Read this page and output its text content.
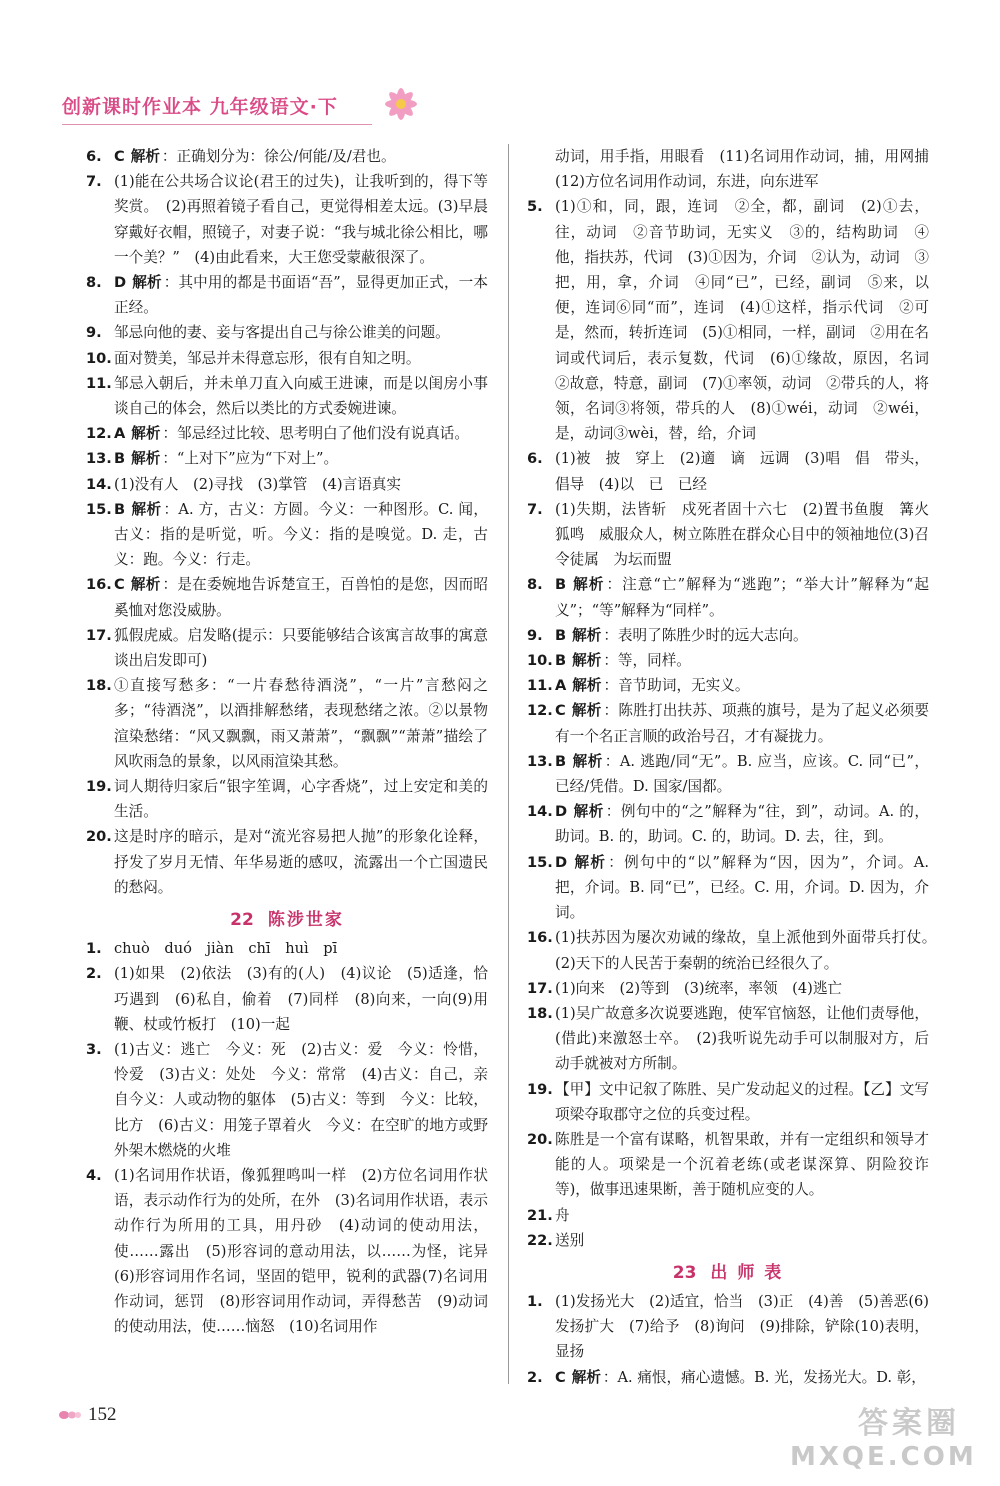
创新课时作业本 九年级语文·下
6. C 解析 ：正确划分为：徐公/何能/及/君也。
7. (1)能在公共场合议论(君王的过失)，让我听到的，得下等奖赏。　(2)再照着镜子看自己，更觉得相差太远。(3)早晨穿戴好衣帽，照镜子，对妻子说：“我与城北徐公相比，哪一个美？”　(4)由此看来，大王您受蒙蔽很深了。
8. D 解析 ：其中用的都是书面语“吾”，显得更加正式，一本正经。
9. 邹忌向他的妻、妾与客提出自己与徐公谁美的问题。
10. 面对赞美，邹忌并未得意忘形，很有自知之明。
11. 邹忌入朝后，并未单刀直入向威王进谏，而是以闺房小事谈自己的体会，然后以类比的方式委婉进谏。
12. A 解析 ：邹忌经过比较、思考明白了他们没有说真话。
13. B 解析 ：“上对下”应为“下对上”。
14. (1)没有人　(2)寻找　(3)掌管　(4)言语真实
15. B 解析 ：A. 方，古义：方圆。今义：一种图形。C. 闻，古义：指的是听觉，听。今义：指的是嗅觉。D. 走，古义：跑。今义：行走。
16. C 解析 ：是在委婉地告诉楚宣王，百兽怕的是您，因而昭奚恤对您没威胁。
17. 狐假虎威。启发略(提示：只要能够结合该寓言故事的寓意谈出启发即可)
18. ①直接写愁多：“一片春愁待酒浇”，“一片”言愁闷之多；“待酒浇”，以酒排解愁绪，表现愁绪之浓。②以景物渲染愁绪：“风又飘飘，雨又萧萧”，“飘飘”“萧萧”描绘了风吹雨急的景象，以风雨渲染其愁。
19. 词人期待归家后“银字笙调，心字香烧”，过上安定和美的生活。
20. 这是时序的暗示，是对“流光容易把人抛”的形象化诠释，抒发了岁月无情、年华易逝的感叹，流露出一个亡国遗民的愁闷。
22 陈涉世家
1. chuò　duó　jiàn　chī　huì　pī
2. (1)如果　(2)依法　(3)有的(人)　(4)议论　(5)适逢，恰巧遇到　(6)私自，偷着　(7)同样　(8)向来，一向(9)用鞭、杖或竹板打　(10)一起
3. (1)古义：逃亡　今义：死　(2)古义：爱　今义：怜惜，怜爱　(3)古义：处处　今义：常常　(4)古义：自己，亲自今义：人或动物的躯体　(5)古义：等到　今义：比较，比方　(6)古义：用笼子罩着火　今义：在空旷的地方或野外架木燃烧的火堆
4. (1)名词用作状语，像狐狸鸣叫一样　(2)方位名词用作状语，表示动作行为的处所，在外　(3)名词用作状语，表示动作行为所用的工具，用丹砂　(4)动词的使动用法，使……露出　(5)形容词的意动用法，以……为怪，诧异　(6)形容词用作名词，坚固的铠甲，锐利的武器(7)名词用作动词，惩罚　(8)形容词用作动词，弄得愁苦　(9)动词的使动用法，使……恼怒　(10)名词用作
动词，用手指，用眼看　(11)名词用作动词，捕，用网捕(12)方位名词用作动词，东进，向东进军
5. (1)①和，同，跟，连词　②全，都，副词　(2)①去，往，动词　②音节助词，无实义　③的，结构助词　④他，指扶苏，代词　(3)①因为，介词　②认为，动词　③把，用，拿，介词　④同“已”，已经，副词　⑤来，以便，连词⑥同“而”，连词　(4)①这样，指示代词　②可是，然而，转折连词　(5)①相同，一样，副词　②用在名词或代词后，表示复数，代词　(6)①缘故，原因，名词　②故意，特意，副词　(7)①率领，动词　②带兵的人，将领，名词③将领，带兵的人　(8)①wéi，动词　②wéi，是，动词③wèi，替，给，介词
6. (1)被　披　穿上　(2)適　谪　远调　(3)唱　倡　带头，倡导　(4)以　已　已经
7. (1)失期，法皆斩　戍死者固十六七　(2)置书鱼腹　篝火狐鸣　威服众人，树立陈胜在群众心目中的领袖地位(3)召令徒属　为坛而盟
8. B 解析 ：注意“亡”解释为“逃跑”；“举大计”解释为“起义”；“等”解释为“同样”。
9. B 解析 ：表明了陈胜少时的远大志向。
10. B 解析 ：等，同样。
11. A 解析 ：音节助词，无实义。
12. C 解析 ：陈胜打出扶苏、项燕的旗号，是为了起义必须要有一个名正言顺的政治号召，才有凝拢力。
13. B 解析 ：A. 逃跑/同“无”。B. 应当，应该。C. 同“已”，已经/凭借。D. 国家/国都。
14. D 解析 ：例句中的“之”解释为“往，到”，动词。A. 的，助词。B. 的，助词。C. 的，助词。D. 去，往，到。
15. D 解析 ：例句中的“以”解释为“因，因为”，介词。A. 把，介词。B. 同“已”，已经。C. 用，介词。D. 因为，介词。
16. (1)扶苏因为屡次劝诫的缘故，皇上派他到外面带兵打仗。　(2)天下的人民苦于秦朝的统治已经很久了。
17. (1)向来　(2)等到　(3)统率，率领　(4)逃亡
18. (1)吴广故意多次说要逃跑，使军官恼怒，让他们责辱他，(借此)来激怒士卒。　(2)我听说先动手可以制服对方，后动手就被对方所制。
19. 【甲】文中记叙了陈胜、吴广发动起义的过程。【乙】文写项梁夺取郡守之位的兵变过程。
20. 陈胜是一个富有谋略，机智果敢，并有一定组织和领导才能的人。项梁是一个沉着老练(或老谋深算、阴险狡诈等)，做事迅速果断，善于随机应变的人。
21. 舟
22. 送别
23 出 师 表
1. (1)发扬光大　(2)适宜，恰当　(3)正　(4)善　(5)善恶(6)发扬扩大　(7)给予　(8)询问　(9)排除，铲除(10)表明，显扬
2. C 解析 ：A. 痛恨，痛心遗憾。B. 光，发扬光大。D. 彰，
152	答案圈
MXQE.COM
